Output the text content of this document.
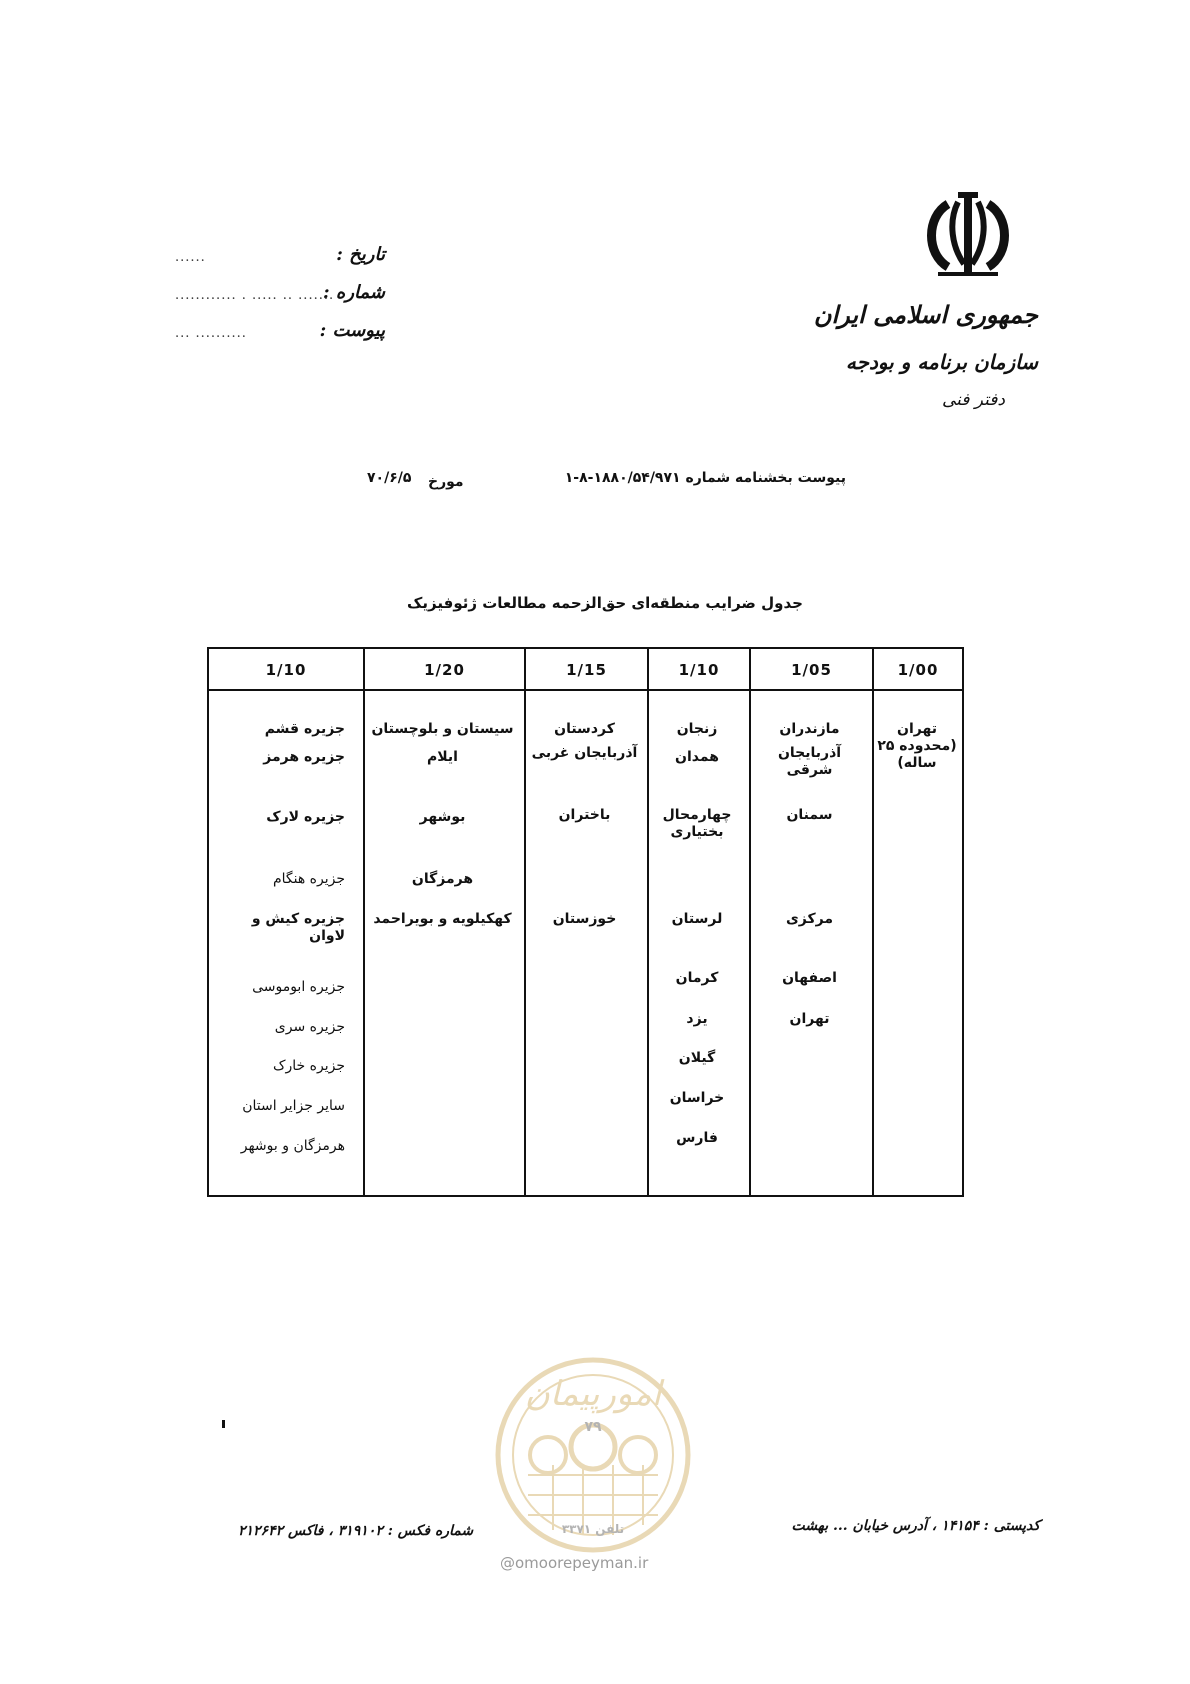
جمهوری اسلامی ایران
سازمان برنامه و بودجه
دفتر فنی
تاریخ :
......
شماره :
............ . ..... .. .......
پیوست :
... ..........
پیوست بخشنامه شماره ۱۸۸۰/۵۴/۹۷۱-۸-۱
مورخ
۷۰/۶/۵
جدول ضرایب منطقه‌ای حق‌الزحمه مطالعات ژئوفیزیک
1/00
تهران (محدوده ۲۵ ساله)
1/05
مازندران
آذربایجان شرقی
سمنان
مرکزی
اصفهان
تهران
1/10
زنجان
همدان
چهارمحال بختیاری
لرستان
کرمان
یزد
گیلان
خراسان
فارس
1/15
کردستان
آذربایجان غربی
باختران
خوزستان
1/20
سیستان و بلوچستان
ایلام
بوشهر
هرمزگان
کهکیلویه و بویراحمد
1/10
جزیره قشم
جزیره هرمز
جزیره لارک
جزیره هنگام
جزیره کیش و لاوان
جزیره ابوموسی
جزیره سری
جزیره خارک
سایر جزایر استان
هرمزگان و بوشهر
امورپیمان
۷۹
تلفن ۳۳۷۱
@omoorepeyman.ir
شماره فکس : ۳۱۹۱۰۲ ، فاکس ۲۱۲۶۴۲	کدپستی : ۱۴۱۵۴ ، آدرس خیابان ... بهشت
